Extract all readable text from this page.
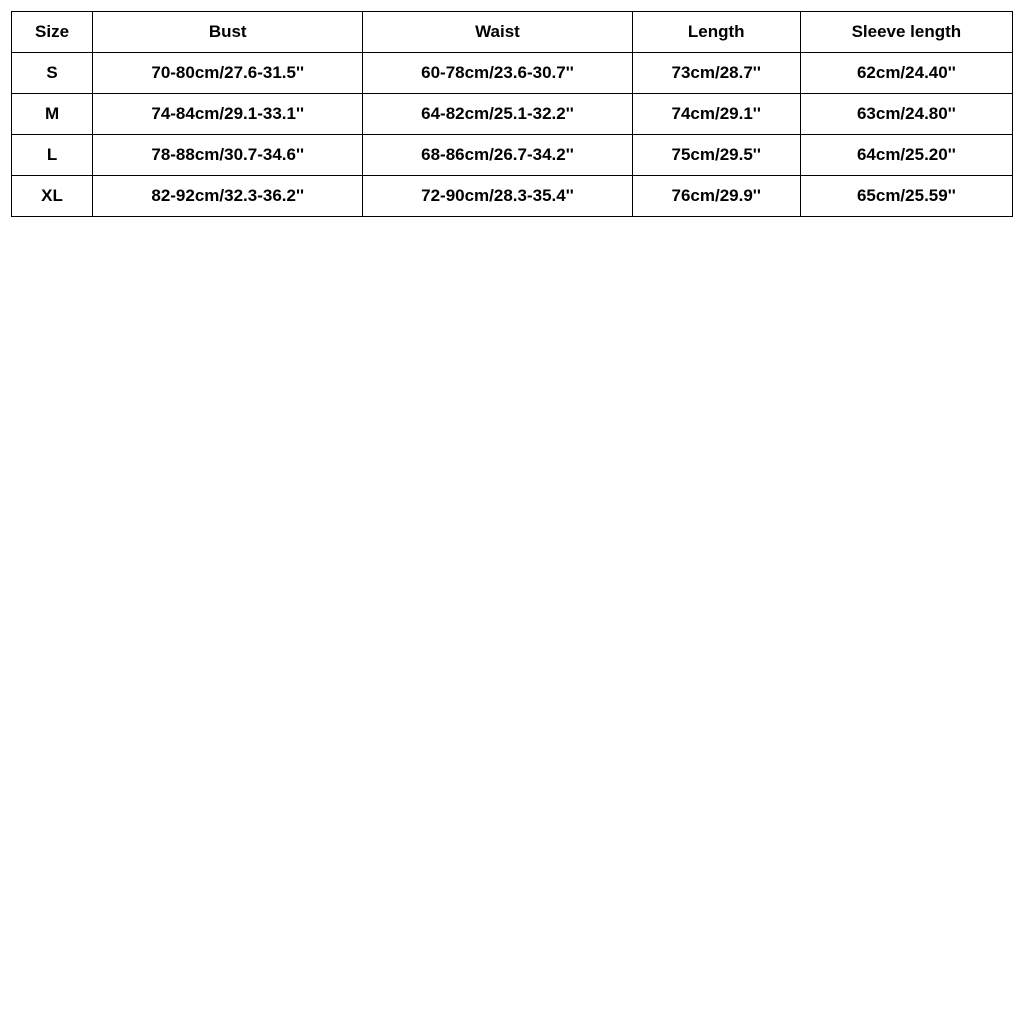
Size	Bust	Waist	Length	Sleeve length
S	70-80cm/27.6-31.5''	60-78cm/23.6-30.7''	73cm/28.7''	62cm/24.40''
M	74-84cm/29.1-33.1''	64-82cm/25.1-32.2''	74cm/29.1''	63cm/24.80''
L	78-88cm/30.7-34.6''	68-86cm/26.7-34.2''	75cm/29.5''	64cm/25.20''
XL	82-92cm/32.3-36.2''	72-90cm/28.3-35.4''	76cm/29.9''	65cm/25.59''
